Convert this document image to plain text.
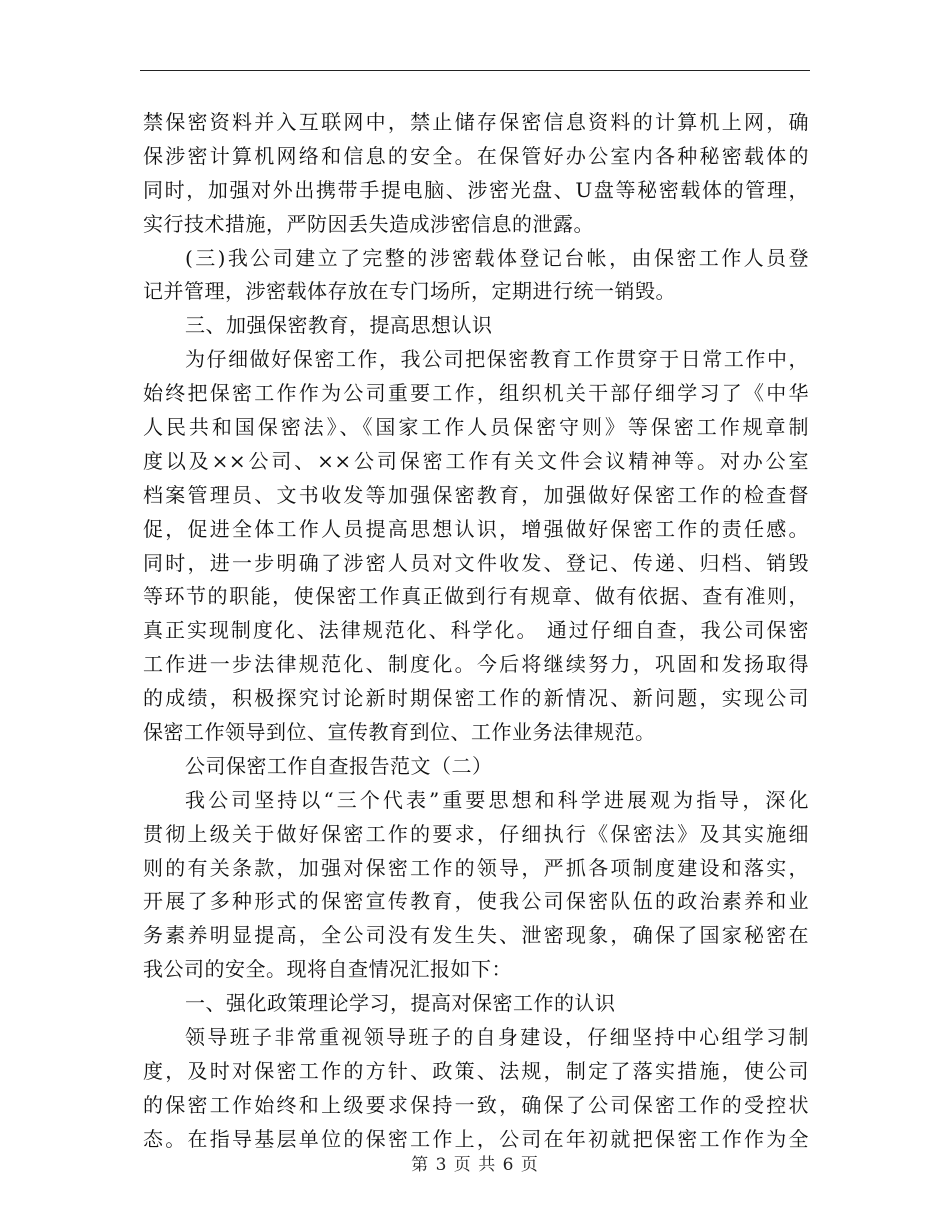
禁保密资料并入互联网中，禁止储存保密信息资料的计算机上网，确
保涉密计算机网络和信息的安全。在保管好办公室内各种秘密载体的
同时，加强对外出携带手提电脑、涉密光盘、U盘等秘密载体的管理，
实行技术措施，严防因丢失造成涉密信息的泄露。
(三)我公司建立了完整的涉密载体登记台帐，由保密工作人员登
记并管理，涉密载体存放在专门场所，定期进行统一销毁。
三、加强保密教育，提高思想认识
为仔细做好保密工作，我公司把保密教育工作贯穿于日常工作中，
始终把保密工作作为公司重要工作，组织机关干部仔细学习了《中华
人民共和国保密法》、《国家工作人员保密守则》等保密工作规章制
度以及××公司、××公司保密工作有关文件会议精神等。对办公室
档案管理员、文书收发等加强保密教育，加强做好保密工作的检查督
促，促进全体工作人员提高思想认识，增强做好保密工作的责任感。
同时，进一步明确了涉密人员对文件收发、登记、传递、归档、销毁
等环节的职能，使保密工作真正做到行有规章、做有依据、查有准则，
真正实现制度化、法律规范化、科学化。 通过仔细自查，我公司保密
工作进一步法律规范化、制度化。今后将继续努力，巩固和发扬取得
的成绩，积极探究讨论新时期保密工作的新情况、新问题，实现公司
保密工作领导到位、宣传教育到位、工作业务法律规范。
公司保密工作自查报告范文（二）
我公司坚持以“三个代表”重要思想和科学进展观为指导，深化
贯彻上级关于做好保密工作的要求，仔细执行《保密法》及其实施细
则的有关条款，加强对保密工作的领导，严抓各项制度建设和落实，
开展了多种形式的保密宣传教育，使我公司保密队伍的政治素养和业
务素养明显提高，全公司没有发生失、泄密现象，确保了国家秘密在
我公司的安全。现将自查情况汇报如下：
一、强化政策理论学习，提高对保密工作的认识
领导班子非常重视领导班子的自身建设，仔细坚持中心组学习制
度，及时对保密工作的方针、政策、法规，制定了落实措施，使公司
的保密工作始终和上级要求保持一致，确保了公司保密工作的受控状
态。在指导基层单位的保密工作上，公司在年初就把保密工作作为全
第 3 页 共 6 页
